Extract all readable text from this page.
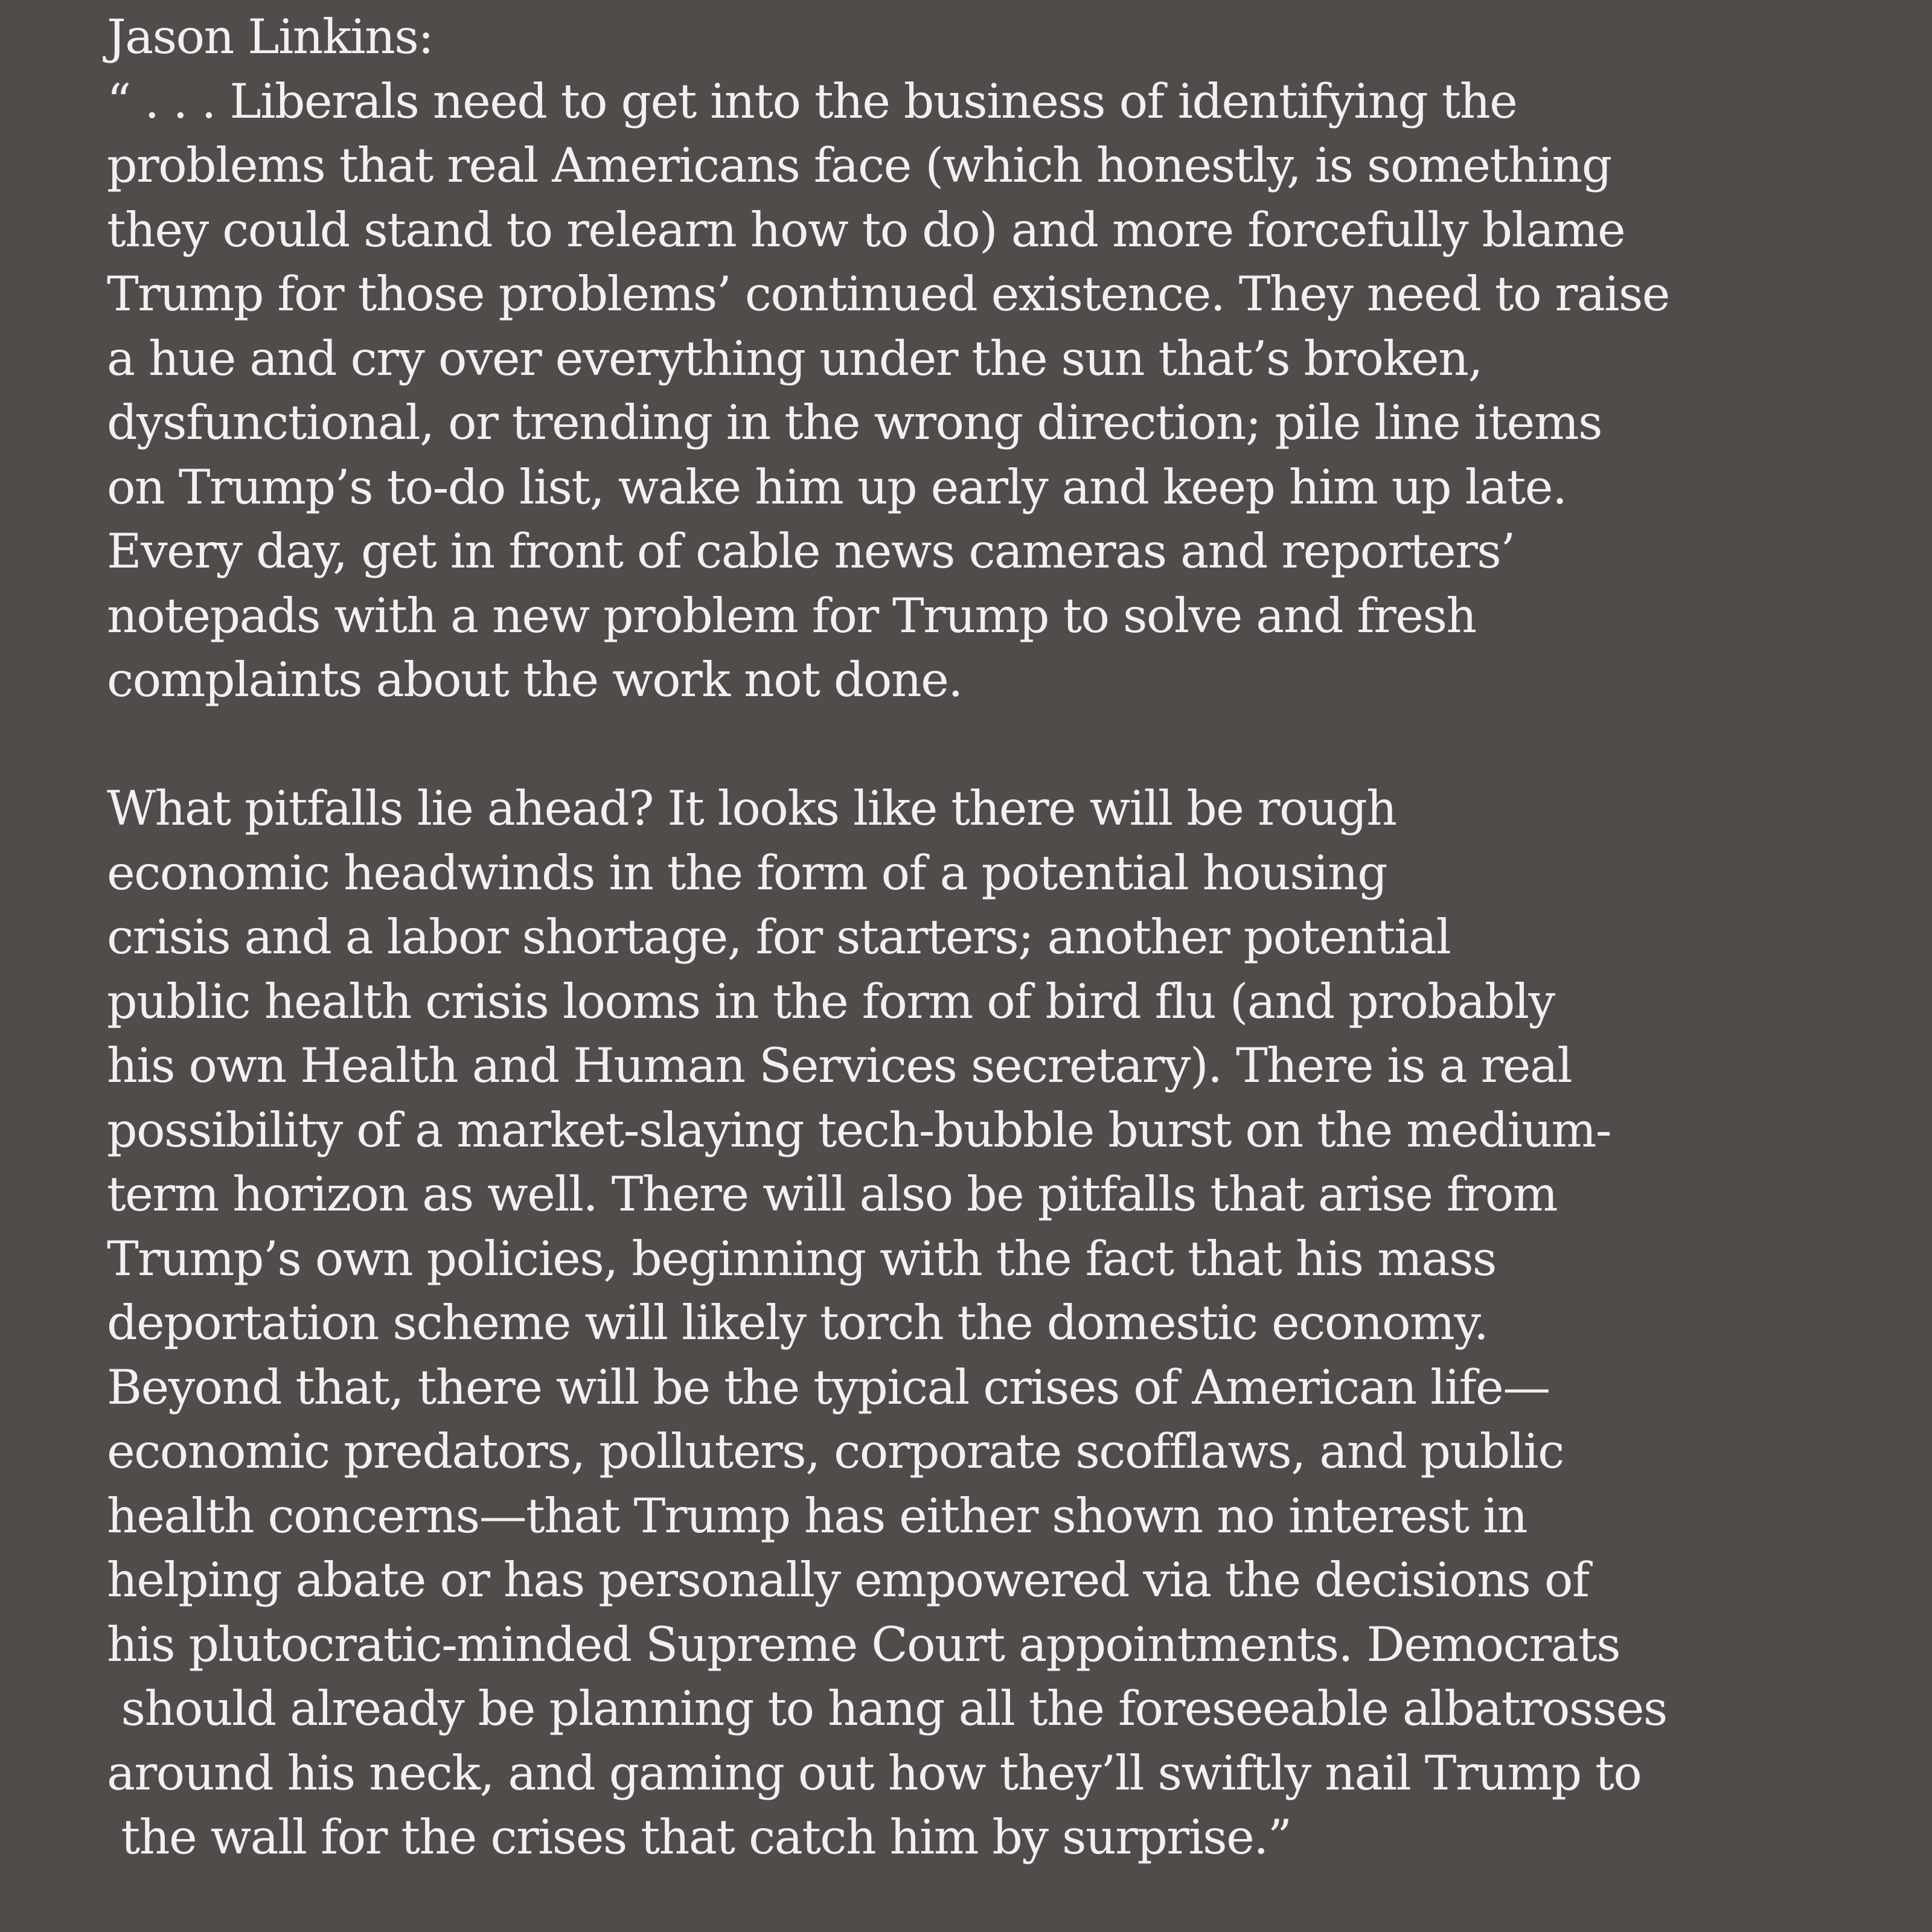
Jason Linkins:
“ . . . Liberals need to get into the business of identifying the
problems that real Americans face (which honestly, is something
they could stand to relearn how to do) and more forcefully blame
Trump for those problems’ continued existence. They need to raise
a hue and cry over everything under the sun that’s broken,
dysfunctional, or trending in the wrong direction; pile line items
on Trump’s to-do list, wake him up early and keep him up late.
Every day, get in front of cable news cameras and reporters’
notepads with a new problem for Trump to solve and fresh
complaints about the work not done.
What pitfalls lie ahead? It looks like there will be rough
economic headwinds in the form of a potential housing
crisis and a labor shortage, for starters; another potential
public health crisis looms in the form of bird flu (and probably
his own Health and Human Services secretary). There is a real
possibility of a market-slaying tech-bubble burst on the medium-
term horizon as well. There will also be pitfalls that arise from
Trump’s own policies, beginning with the fact that his mass
deportation scheme will likely torch the domestic economy.
Beyond that, there will be the typical crises of American life—
economic predators, polluters, corporate scofflaws, and public
health concerns—that Trump has either shown no interest in
helping abate or has personally empowered via the decisions of
his plutocratic-minded Supreme Court appointments. Democrats
should already be planning to hang all the foreseeable albatrosses
around his neck, and gaming out how they’ll swiftly nail Trump to
the wall for the crises that catch him by surprise.”
